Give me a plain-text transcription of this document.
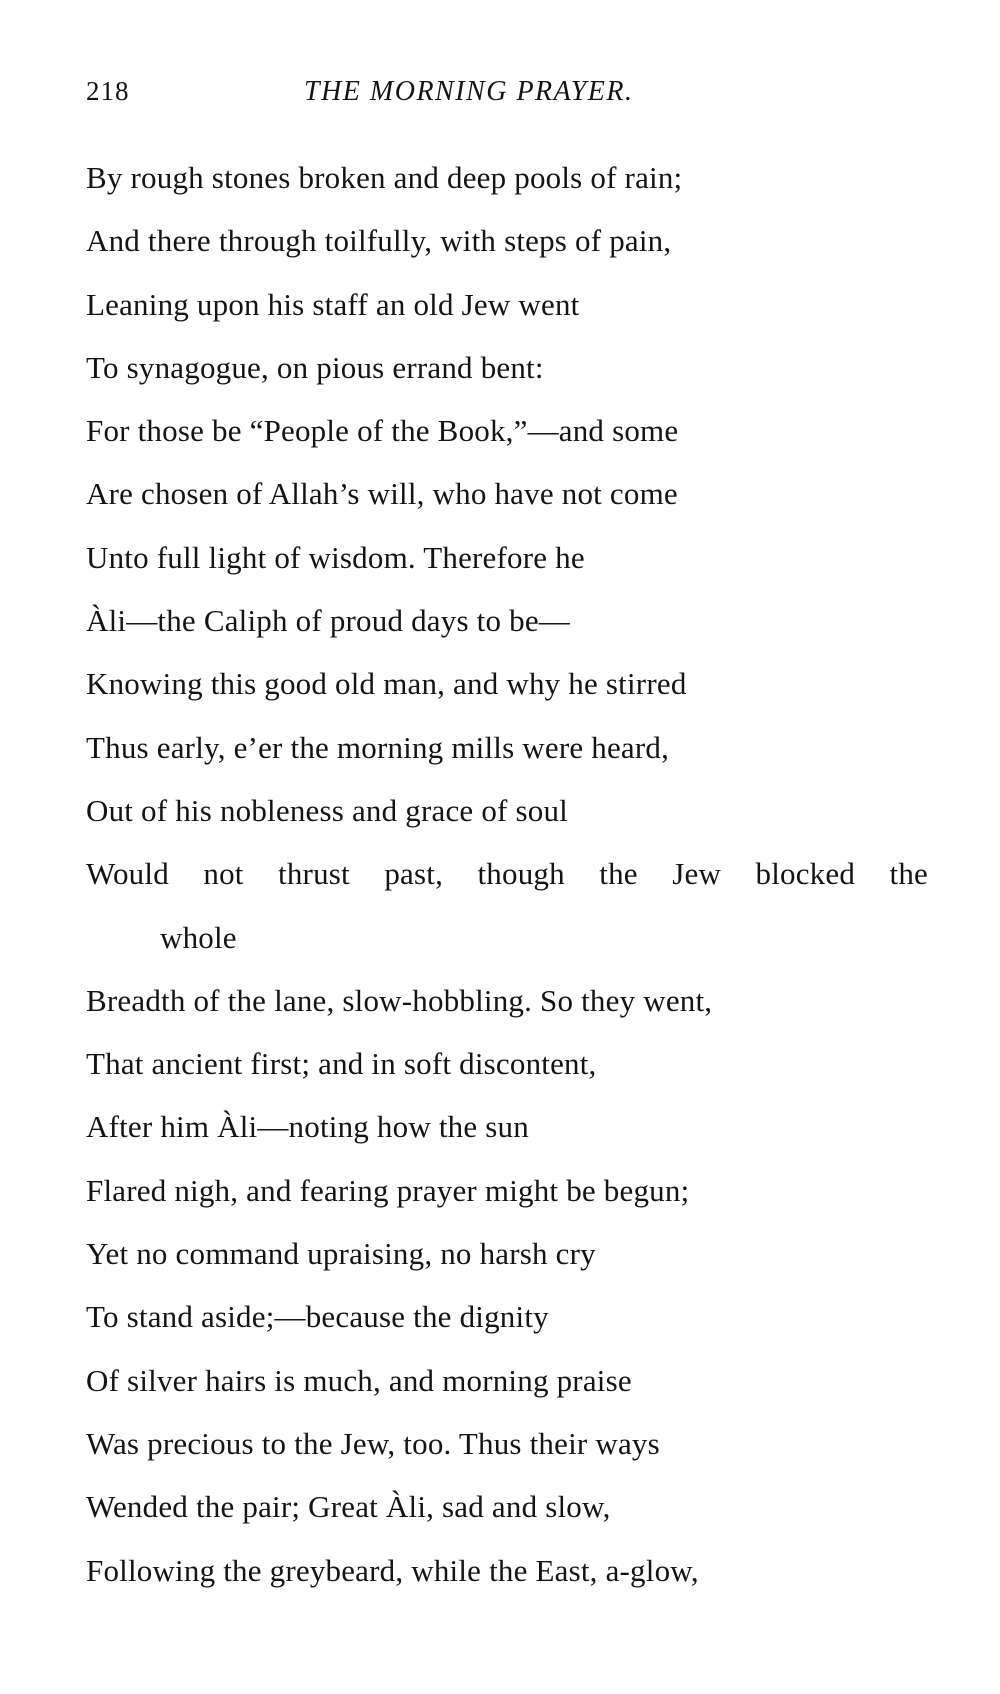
218	THE MORNING PRAYER.
By rough stones broken and deep pools of rain;
And there through toilfully, with steps of pain,
Leaning upon his staff an old Jew went
To synagogue, on pious errand bent:
For those be “People of the Book,”—and some
Are chosen of Allah’s will, who have not come
Unto full light of wisdom. Therefore he
Àli—the Caliph of proud days to be—
Knowing this good old man, and why he stirred
Thus early, e’er the morning mills were heard,
Out of his nobleness and grace of soul
Would not thrust past, though the Jew blocked the
whole
Breadth of the lane, slow-hobbling. So they went,
That ancient first; and in soft discontent,
After him Àli—noting how the sun
Flared nigh, and fearing prayer might be begun;
Yet no command upraising, no harsh cry
To stand aside;—because the dignity
Of silver hairs is much, and morning praise
Was precious to the Jew, too. Thus their ways
Wended the pair; Great Àli, sad and slow,
Following the greybeard, while the East, a-glow,
